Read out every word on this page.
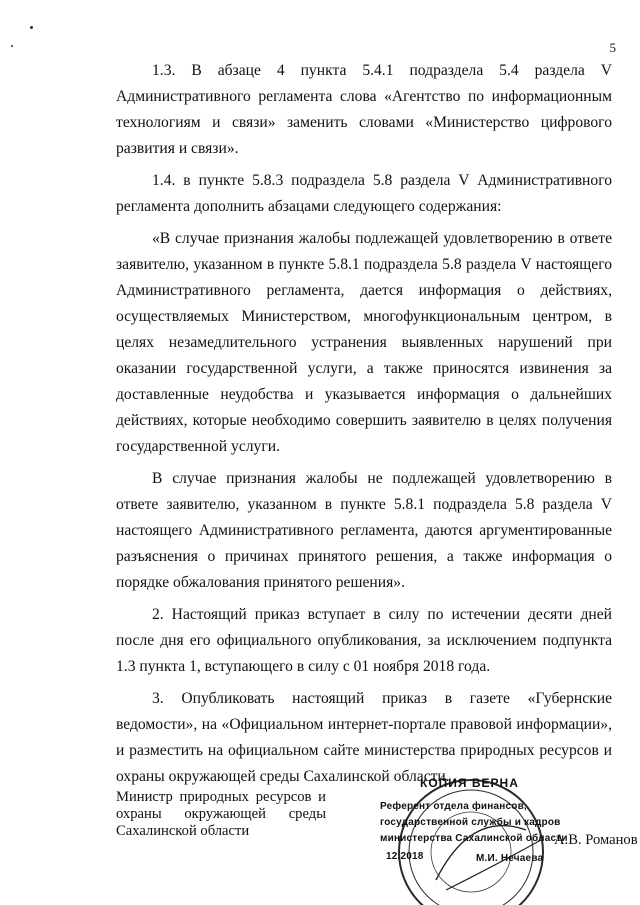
5

1.3. В абзаце 4 пункта 5.4.1 подраздела 5.4 раздела V Административного регламента слова «Агентство по информационным технологиям и связи» заменить словами «Министерство цифрового развития и связи».

1.4. в пункте 5.8.3 подраздела 5.8 раздела V Административного регламента дополнить абзацами следующего содержания:

«В случае признания жалобы подлежащей удовлетворению в ответе заявителю, указанном в пункте 5.8.1 подраздела 5.8 раздела V настоящего Административного регламента, дается информация о действиях, осуществляемых Министерством, многофункциональным центром, в целях незамедлительного устранения выявленных нарушений при оказании государственной услуги, а также приносятся извинения за доставленные неудобства и указывается информация о дальнейших действиях, которые необходимо совершить заявителю в целях получения государственной услуги.

В случае признания жалобы не подлежащей удовлетворению в ответе заявителю, указанном в пункте 5.8.1 подраздела 5.8 раздела V настоящего Административного регламента, даются аргументированные разъяснения о причинах принятого решения, а также информация о порядке обжалования принятого решения».

2. Настоящий приказ вступает в силу по истечении десяти дней после дня его официального опубликования, за исключением подпункта 1.3 пункта 1, вступающего в силу с 01 ноября 2018 года.

3. Опубликовать настоящий приказ в газете «Губернские ведомости», на «Официальном интернет-портале правовой информации», и разместить на официальном сайте министерства природных ресурсов и охраны окружающей среды Сахалинской области.

Министр природных ресурсов и охраны окружающей среды Сахалинской области
А.В. Романов
КОПИЯ ВЕРНА
Референт отдела финансов,
государственной службы и кадров
министерства Сахалинской области
12.2018	М.И. Нечаева
